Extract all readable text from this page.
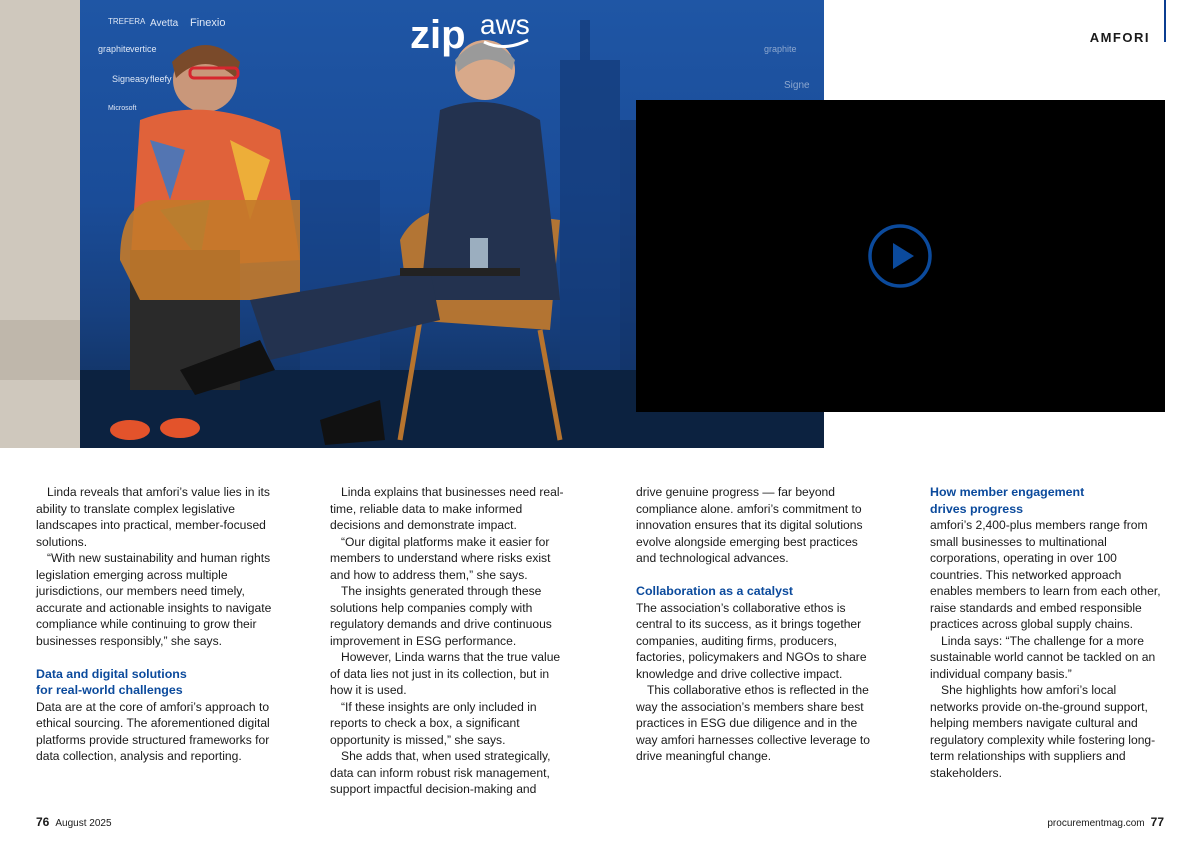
zip aws
TREFERA Avetta Finexio
graphite vertice
Signeasy fleefy
Microsoft
graphite
Signe
AMFORI

Linda reveals that amfori’s value lies in its ability to translate complex legislative landscapes into practical, member-focused solutions.

“With new sustainability and human rights legislation emerging across multiple jurisdictions, our members need timely, accurate and actionable insights to navigate compliance while continuing to grow their businesses responsibly,” she says.

Data and digital solutions
for real-world challenges

Data are at the core of amfori’s approach to ethical sourcing. The aforementioned digital platforms provide structured frameworks for data collection, analysis and reporting.

Linda explains that businesses need real-time, reliable data to make informed decisions and demonstrate impact.

“Our digital platforms make it easier for members to understand where risks exist and how to address them,” she says.

The insights generated through these solutions help companies comply with regulatory demands and drive continuous improvement in ESG performance.

However, Linda warns that the true value of data lies not just in its collection, but in how it is used.

“If these insights are only included in reports to check a box, a significant opportunity is missed,” she says.

She adds that, when used strategically, data can inform robust risk management, support impactful decision-making and

drive genuine progress — far beyond compliance alone. amfori’s commitment to innovation ensures that its digital solutions evolve alongside emerging best practices and technological advances.

Collaboration as a catalyst

The association’s collaborative ethos is central to its success, as it brings together companies, auditing firms, producers, factories, policymakers and NGOs to share knowledge and drive collective impact.

This collaborative ethos is reflected in the way the association’s members share best practices in ESG due diligence and in the way amfori harnesses collective leverage to drive meaningful change.

How member engagement
drives progress

amfori’s 2,400-plus members range from small businesses to multinational corporations, operating in over 100 countries. This networked approach enables members to learn from each other, raise standards and embed responsible practices across global supply chains.

Linda says: “The challenge for a more sustainable world cannot be tackled on an individual company basis.”

She highlights how amfori’s local networks provide on-the-ground support, helping members navigate cultural and regulatory complexity while fostering long-term relationships with suppliers and stakeholders.

76 August 2025	procurementmag.com 77
